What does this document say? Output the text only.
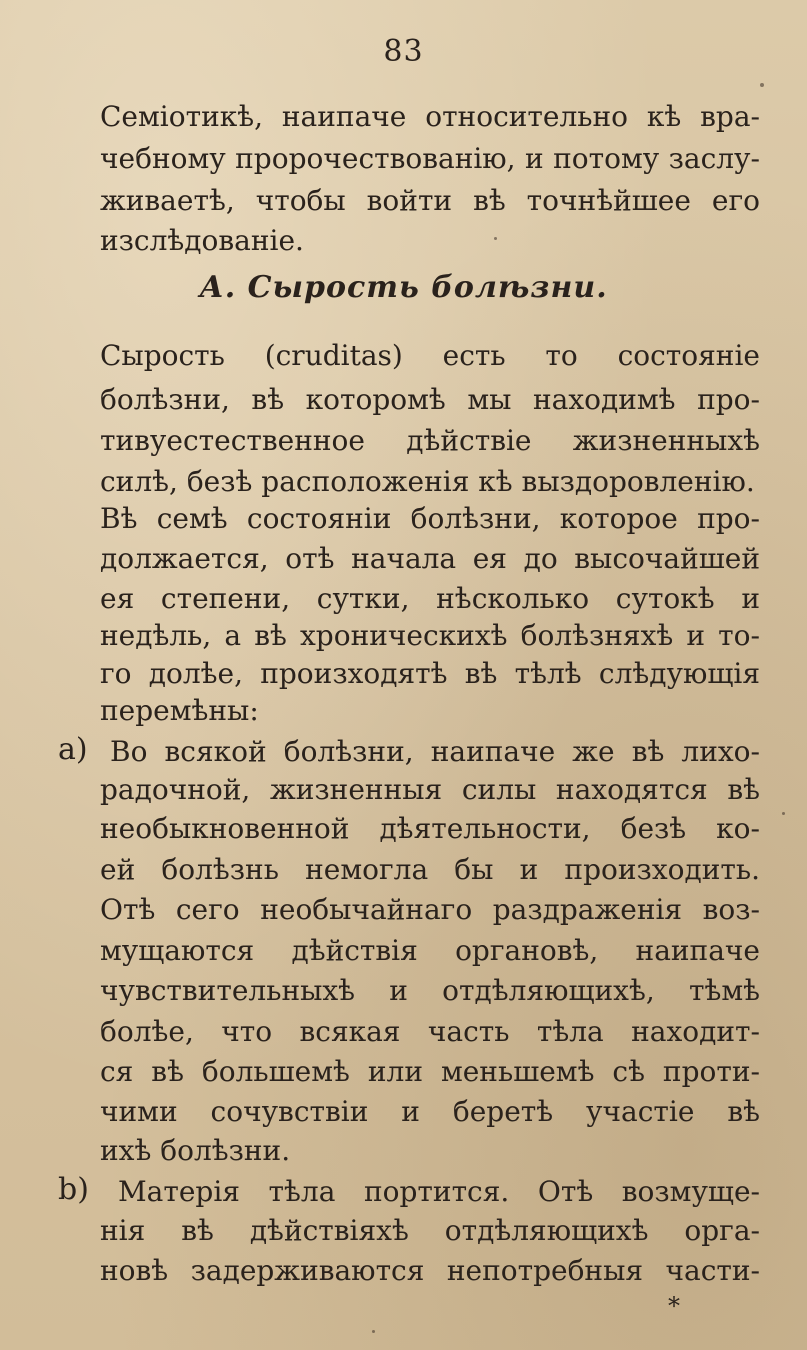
83
Семіотикѣ, наипаче относительно кѣ вра-
чебному пророчествованію, и потому заслу-
живаетѣ, чтобы войти вѣ точнѣйшее его
изслѣдованіе.
А. Сырость болѣзни.
Сырость (cruditas) есть то состояніе
болѣзни, вѣ которомѣ мы находимѣ про-
тивуестественное дѣйствіе жизненныхѣ
силѣ, безѣ расположенія кѣ выздоровленію.
Вѣ семѣ состояніи болѣзни, которое про-
должается, отѣ начала ея до высочайшей
ея степени, сутки, нѣсколько сутокѣ и
недѣль, а вѣ хроническихѣ болѣзняхѣ и то-
го долѣе, произходятѣ вѣ тѣлѣ слѣдующія
перемѣны:
a) Во всякой болѣзни, наипаче же вѣ лихо-
радочной, жизненныя силы находятся вѣ
необыкновенной дѣятельности, безѣ ко-
ей болѣзнь немогла бы и произходить.
Отѣ сего необычайнаго раздраженія воз-
мущаются дѣйствія органовѣ, наипаче
чувствительныхѣ и отдѣляющихѣ, тѣмѣ
болѣе, что всякая часть тѣла находит-
ся вѣ большемѣ или меньшемѣ сѣ проти-
чими сочувствіи и беретѣ участіе вѣ
ихѣ болѣзни.
b) Матерія тѣла портится. Отѣ возмуще-
нія вѣ дѣйствіяхѣ отдѣляющихѣ орга-
новѣ задерживаются непотребныя части-
*
